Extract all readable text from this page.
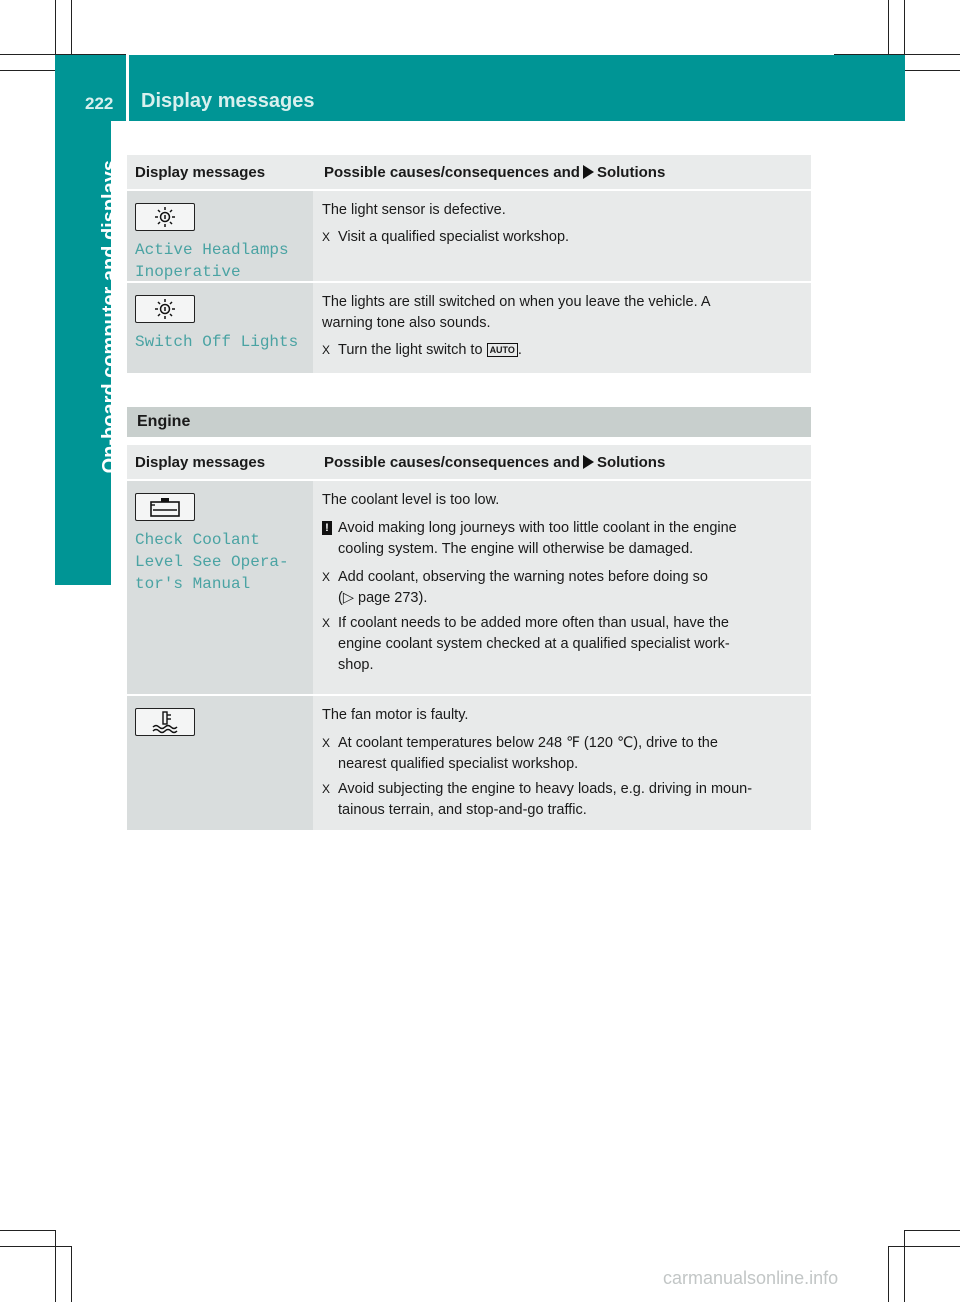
222 Display messages
On-board computer and displays Display messages	Possible causes/consequences and Solutions
Active Headlamps
Inoperative

The light sensor is defective.

X Visit a qualified specialist workshop.

Switch Off Lights

The lights are still switched on when you leave the vehicle. A
warning tone also sounds.

X Turn the light switch to AUTO .

Engine
Display messages	Possible causes/consequences and Solutions
Check Coolant
Level See Opera‐
tor's Manual

The coolant level is too low.

! Avoid making long journeys with too little coolant in the engine
cooling system. The engine will otherwise be damaged.

X Add coolant, observing the warning notes before doing so
(▷ page 273).

X If coolant needs to be added more often than usual, have the
engine coolant system checked at a qualified specialist work‐
shop.

The fan motor is faulty.

X At coolant temperatures below 248 ℉ (120 ℃), drive to the
nearest qualified specialist workshop.

X Avoid subjecting the engine to heavy loads, e.g. driving in moun‐
tainous terrain, and stop-and-go traffic.

carmanualsonline.info
